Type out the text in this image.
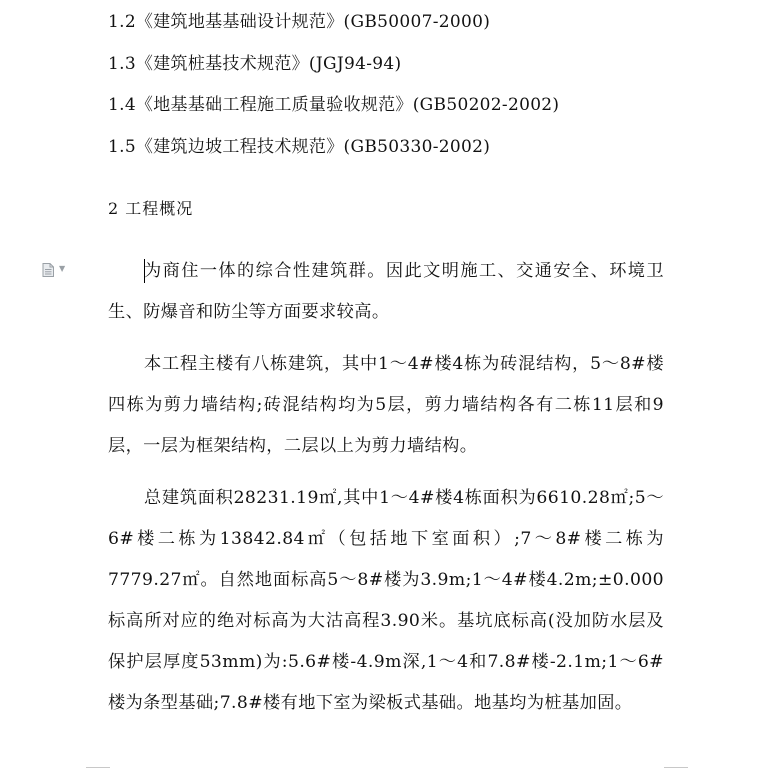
1.2《建筑地基基础设计规范》(GB50007-2000)
1.3《建筑桩基技术规范》(JGJ94-94)
1.4《地基基础工程施工质量验收规范》(GB50202-2002)
1.5《建筑边坡工程技术规范》(GB50330-2002)
2 工程概况
▼	为商住一体的综合性建筑群。因此文明施工、交通安全、环境卫生、防爆音和防尘等方面要求较高。

本工程主楼有八栋建筑，其中1～4#楼4栋为砖混结构，5～8#楼四栋为剪力墙结构;砖混结构均为5层，剪力墙结构各有二栋11层和9层，一层为框架结构，二层以上为剪力墙结构。

总建筑面积28231.19㎡,其中1～4#楼4栋面积为6610.28㎡;5～6#楼二栋为13842.84㎡（包括地下室面积）;7～8#楼二栋为7779.27㎡。自然地面标高5～8#楼为3.9m;1～4#楼4.2m;±0.000标高所对应的绝对标高为大沽高程3.90米。基坑底标高(没加防水层及保护层厚度53mm)为:5.6#楼-4.9m深,1～4和7.8#楼-2.1m;1～6#楼为条型基础;7.8#楼有地下室为梁板式基础。地基均为桩基加固。
